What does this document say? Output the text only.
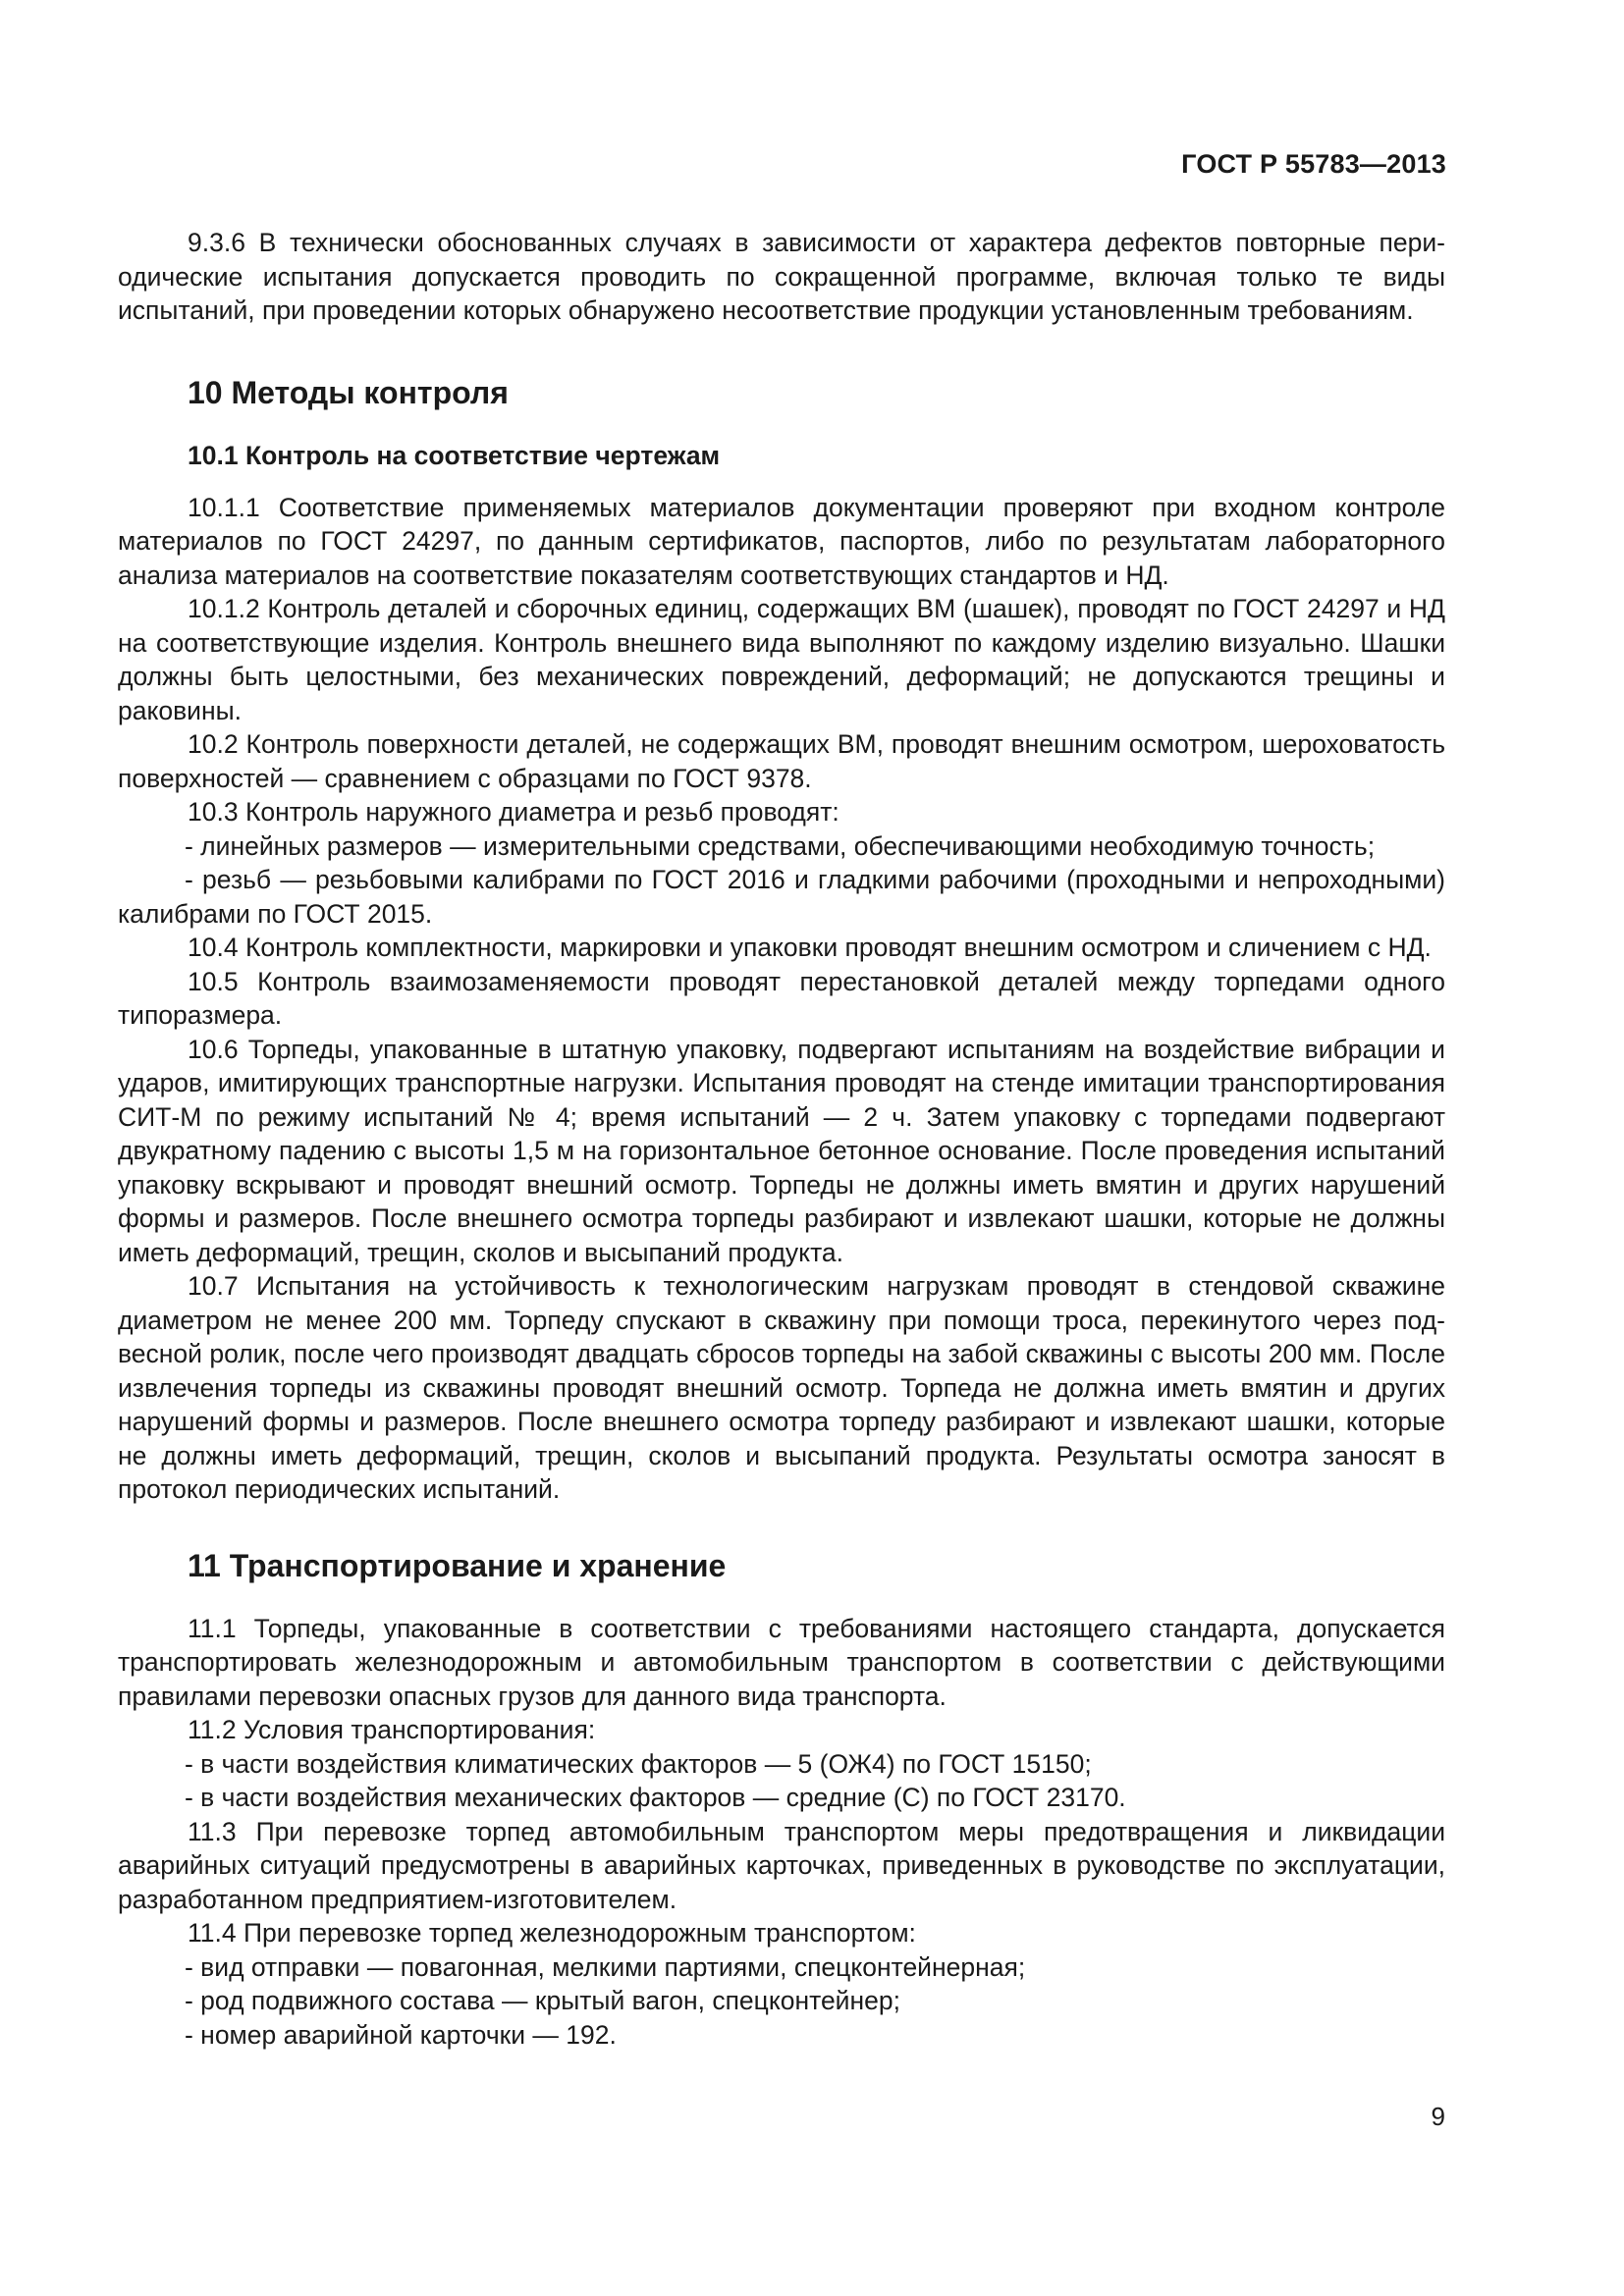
ГОСТ Р 55783—2013

9.3.6 В технически обоснованных случаях в зависимости от характера дефектов повторные периодические испытания допускается проводить по сокращенной программе, включая только те виды испытаний, при проведении которых обнаружено несоответствие продукции установленным требованиям.

10 Методы контроля
10.1 Контроль на соответствие чертежам

10.1.1 Соответствие применяемых материалов документации проверяют при входном контроле материалов по ГОСТ 24297, по данным сертификатов, паспортов, либо по результатам лабораторного анализа материалов на соответствие показателям соответствующих стандартов и НД.

10.1.2 Контроль деталей и сборочных единиц, содержащих ВМ (шашек), проводят по ГОСТ 24297 и НД на соответствующие изделия. Контроль внешнего вида выполняют по каждому изделию визуально. Шашки должны быть целостными, без механических повреждений, деформаций; не допускаются трещины и раковины.

10.2 Контроль поверхности деталей, не содержащих ВМ, проводят внешним осмотром, шероховатость поверхностей — сравнением с образцами по ГОСТ 9378.

10.3 Контроль наружного диаметра и резьб проводят:

- линейных размеров — измерительными средствами, обеспечивающими необходимую точность;

- резьб — резьбовыми калибрами по ГОСТ 2016 и гладкими рабочими (проходными и непроходными) калибрами по ГОСТ 2015.

10.4 Контроль комплектности, маркировки и упаковки проводят внешним осмотром и сличением с НД.

10.5 Контроль взаимозаменяемости проводят перестановкой деталей между торпедами одного типоразмера.

10.6 Торпеды, упакованные в штатную упаковку, подвергают испытаниям на воздействие вибрации и ударов, имитирующих транспортные нагрузки. Испытания проводят на стенде имитации транспортирования СИТ-М по режиму испытаний № 4; время испытаний — 2 ч. Затем упаковку с торпедами подвергают двукратному падению с высоты 1,5 м на горизонтальное бетонное основание. После проведения испытаний упаковку вскрывают и проводят внешний осмотр. Торпеды не должны иметь вмятин и других нарушений формы и размеров. После внешнего осмотра торпеды разбирают и извлекают шашки, которые не должны иметь деформаций, трещин, сколов и высыпаний продукта.

10.7 Испытания на устойчивость к технологическим нагрузкам проводят в стендовой скважине диаметром не менее 200 мм. Торпеду спускают в скважину при помощи троса, перекинутого через подвесной ролик, после чего производят двадцать сбросов торпеды на забой скважины с высоты 200 мм. После извлечения торпеды из скважины проводят внешний осмотр. Торпеда не должна иметь вмятин и других нарушений формы и размеров. После внешнего осмотра торпеду разбирают и извлекают шашки, которые не должны иметь деформаций, трещин, сколов и высыпаний продукта. Результаты осмотра заносят в протокол периодических испытаний.

11 Транспортирование и хранение

11.1 Торпеды, упакованные в соответствии с требованиями настоящего стандарта, допускается транспортировать железнодорожным и автомобильным транспортом в соответствии с действующими правилами перевозки опасных грузов для данного вида транспорта.

11.2 Условия транспортирования:

- в части воздействия климатических факторов — 5 (ОЖ4) по ГОСТ 15150;

- в части воздействия механических факторов — средние (С) по ГОСТ 23170.

11.3 При перевозке торпед автомобильным транспортом меры предотвращения и ликвидации аварийных ситуаций предусмотрены в аварийных карточках, приведенных в руководстве по эксплуатации, разработанном предприятием-изготовителем.

11.4 При перевозке торпед железнодорожным транспортом:

- вид отправки — повагонная, мелкими партиями, спецконтейнерная;

- род подвижного состава — крытый вагон, спецконтейнер;

- номер аварийной карточки — 192.

9
